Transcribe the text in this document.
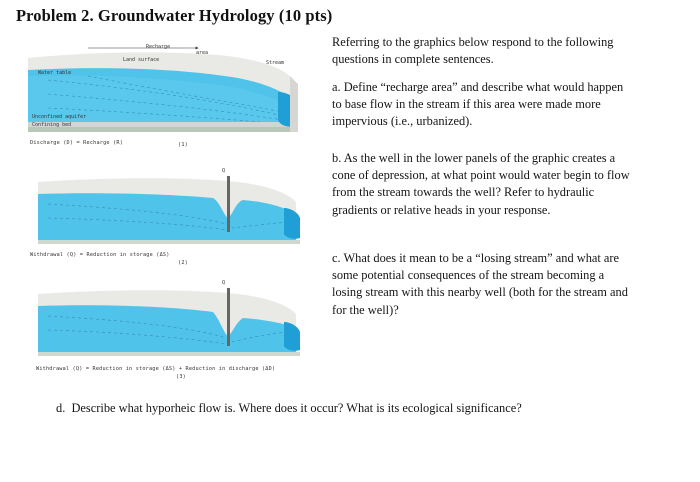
Problem 2. Groundwater Hydrology (10 pts)
Recharge
area
Land surface
Water table
Stream
Unconfined aquifer
Confining bed
Discharge (D) = Recharge (R)	(1)
Q
Withdrawal (Q) = Reduction in storage (ΔS)
(2)
Q
Withdrawal (Q) = Reduction in storage (ΔS) + Reduction in discharge (ΔD)
(3)

Referring to the graphics below respond to the following questions in complete sentences.

a. Define “recharge area” and describe what would happen to base flow in the stream if this area were made more impervious (i.e., urbanized).

b. As the well in the lower panels of the graphic creates a cone of depression, at what point would water begin to flow from the stream towards the well? Refer to hydraulic gradients or relative heads in your response.

c. What does it mean to be a “losing stream” and what are some potential consequences of the stream becoming a losing stream with this nearby well (both for the stream and for the well)?

d.  Describe what hyporheic flow is. Where does it occur? What is its ecological significance?
